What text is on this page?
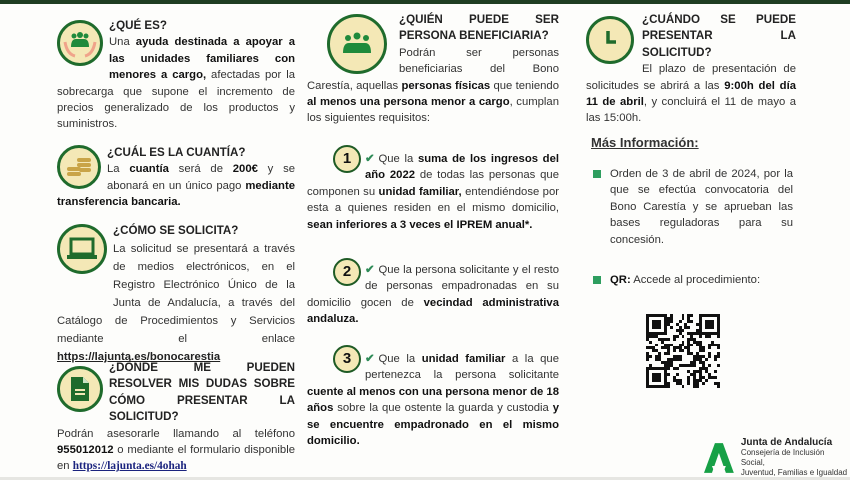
¿QUÉ ES?
Una ayuda destinada a apoyar a las unidades familiares con menores a cargo, afectadas por la sobrecarga que supone el incremento de precios generalizado de los productos y suministros.
¿CUÁL ES LA CUANTÍA?
La cuantía será de 200€ y se abonará en un único pago mediante transferencia bancaria.
¿CÓMO SE SOLICITA?
La solicitud se presentará a través de medios electrónicos, en el Registro Electrónico Único de la Junta de Andalucía, a través del Catálogo de Procedimientos y Servicios mediante el enlace https://lajunta.es/bonocarestia
¿DÓNDE ME PUEDEN RESOLVER MIS DUDAS SOBRE CÓMO PRESENTAR LA SOLICITUD?
Podrán asesorarle llamando al teléfono 955012012 o mediante el formulario disponible en https://lajunta.es/4ohah
¿QUIÉN PUEDE SER PERSONA BENEFICIARIA?
Podrán ser personas beneficiarias del Bono Carestía, aquellas personas físicas que teniendo al menos una persona menor a cargo, cumplan los siguientes requisitos:
1	✔ Que la suma de los ingresos del año 2022 de todas las personas que componen su unidad familiar, entendiéndose por esta a quienes residen en el mismo domicilio, sean inferiores a 3 veces el IPREM anual*.
2	✔ Que la persona solicitante y el resto de personas empadronadas en su domicilio gocen de vecindad administrativa andaluza.
3	✔ Que la unidad familiar a la que pertenezca la persona solicitante cuente al menos con una persona menor de 18 años sobre la que ostente la guarda y custodia y se encuentre empadronado en el mismo domicilio.
¿CUÁNDO SE PUEDE PRESENTAR LA SOLICITUD?
El plazo de presentación de solicitudes se abrirá a las 9:00h del día 11 de abril, y concluirá el 11 de mayo a las 15:00h.
Más Información:
Orden de 3 de abril de 2024, por la que se efectúa convocatoria del Bono Carestía y se aprueban las bases reguladoras para su concesión.
QR: Accede al procedimiento:
Junta de Andalucía
Consejería de Inclusión Social,
Juventud, Familias e Igualdad
